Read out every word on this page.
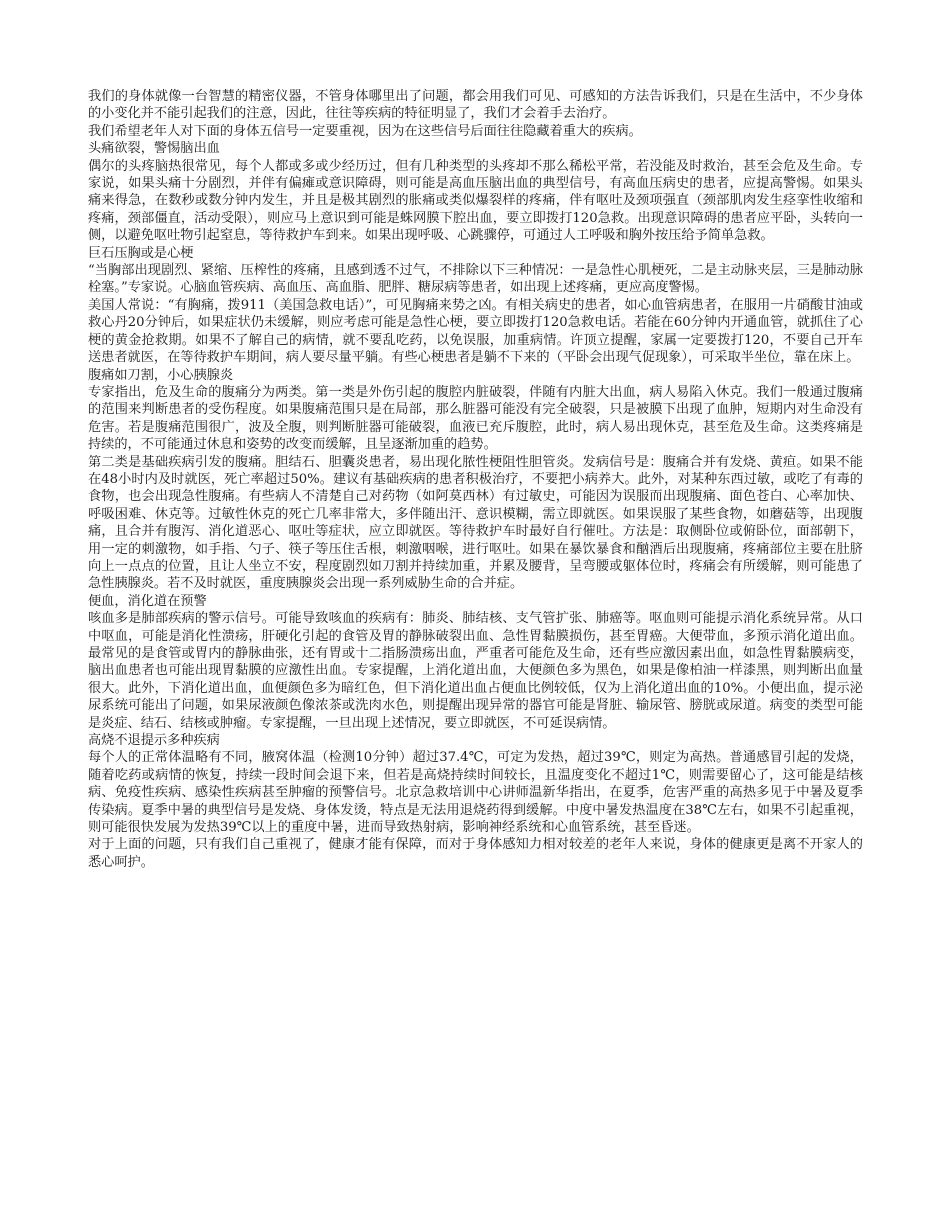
我们的身体就像一台智慧的精密仪器，不管身体哪里出了问题，都会用我们可见、可感知的方法告诉我们，只是在生活中，不少身体的小变化并不能引起我们的注意，因此，往往等疾病的特征明显了，我们才会着手去治疗。

我们希望老年人对下面的身体五信号一定要重视，因为在这些信号后面往往隐藏着重大的疾病。

头痛欲裂，警惕脑出血

偶尔的头疼脑热很常见，每个人都或多或少经历过，但有几种类型的头疼却不那么稀松平常，若没能及时救治，甚至会危及生命。专家说，如果头痛十分剧烈，并伴有偏瘫或意识障碍，则可能是高血压脑出血的典型信号，有高血压病史的患者，应提高警惕。如果头痛来得急，在数秒或数分钟内发生，并且是极其剧烈的胀痛或类似爆裂样的疼痛，伴有呕吐及颈项强直（颈部肌肉发生痉挛性收缩和疼痛，颈部僵直，活动受限），则应马上意识到可能是蛛网膜下腔出血，要立即拨打120急救。出现意识障碍的患者应平卧，头转向一侧，以避免呕吐物引起窒息，等待救护车到来。如果出现呼吸、心跳骤停，可通过人工呼吸和胸外按压给予简单急救。

巨石压胸或是心梗

“当胸部出现剧烈、紧缩、压榨性的疼痛，且感到透不过气，不排除以下三种情况：一是急性心肌梗死，二是主动脉夹层，三是肺动脉栓塞。”专家说。心脑血管疾病、高血压、高血脂、肥胖、糖尿病等患者，如出现上述疼痛，更应高度警惕。

美国人常说：“有胸痛，拨911（美国急救电话）”，可见胸痛来势之凶。有相关病史的患者，如心血管病患者，在服用一片硝酸甘油或救心丹20分钟后，如果症状仍未缓解，则应考虑可能是急性心梗，要立即拨打120急救电话。若能在60分钟内开通血管，就抓住了心梗的黄金抢救期。如果不了解自己的病情，就不要乱吃药，以免误服，加重病情。许顶立提醒，家属一定要拨打120，不要自己开车送患者就医，在等待救护车期间，病人要尽量平躺。有些心梗患者是躺不下来的（平卧会出现气促现象），可采取半坐位，靠在床上。

腹痛如刀割，小心胰腺炎

专家指出，危及生命的腹痛分为两类。第一类是外伤引起的腹腔内脏破裂，伴随有内脏大出血，病人易陷入休克。我们一般通过腹痛的范围来判断患者的受伤程度。如果腹痛范围只是在局部，那么脏器可能没有完全破裂，只是被膜下出现了血肿，短期内对生命没有危害。若是腹痛范围很广，波及全腹，则判断脏器可能破裂，血液已充斥腹腔，此时，病人易出现休克，甚至危及生命。这类疼痛是持续的，不可能通过休息和姿势的改变而缓解，且呈逐渐加重的趋势。

第二类是基础疾病引发的腹痛。胆结石、胆囊炎患者，易出现化脓性梗阻性胆管炎。发病信号是：腹痛合并有发烧、黄疸。如果不能在48小时内及时就医，死亡率超过50%。建议有基础疾病的患者积极治疗，不要把小病养大。此外，对某种东西过敏，或吃了有毒的食物，也会出现急性腹痛。有些病人不清楚自己对药物（如阿莫西林）有过敏史，可能因为误服而出现腹痛、面色苍白、心率加快、呼吸困难、休克等。过敏性休克的死亡几率非常大，多伴随出汗、意识模糊，需立即就医。如果误服了某些食物，如蘑菇等，出现腹痛，且合并有腹泻、消化道恶心、呕吐等症状，应立即就医。等待救护车时最好自行催吐。方法是：取侧卧位或俯卧位，面部朝下，用一定的刺激物，如手指、勺子、筷子等压住舌根，刺激咽喉，进行呕吐。如果在暴饮暴食和酗酒后出现腹痛，疼痛部位主要在肚脐向上一点点的位置，且让人坐立不安，程度剧烈如刀割并持续加重，并累及腰背，呈弯腰或躯体位时，疼痛会有所缓解，则可能患了急性胰腺炎。若不及时就医，重度胰腺炎会出现一系列威胁生命的合并症。

便血，消化道在预警

咳血多是肺部疾病的警示信号。可能导致咳血的疾病有：肺炎、肺结核、支气管扩张、肺癌等。呕血则可能提示消化系统异常。从口中呕血，可能是消化性溃疡，肝硬化引起的食管及胃的静脉破裂出血、急性胃黏膜损伤，甚至胃癌。大便带血，多预示消化道出血。最常见的是食管或胃内的静脉曲张，还有胃或十二指肠溃疡出血，严重者可能危及生命，还有些应激因素出血，如急性胃黏膜病变，脑出血患者也可能出现胃黏膜的应激性出血。专家提醒，上消化道出血，大便颜色多为黑色，如果是像柏油一样漆黑，则判断出血量很大。此外，下消化道出血，血便颜色多为暗红色，但下消化道出血占便血比例较低，仅为上消化道出血的10%。小便出血，提示泌尿系统可能出了问题，如果尿液颜色像浓茶或洗肉水色，则提醒出现异常的器官可能是肾脏、输尿管、膀胱或尿道。病变的类型可能是炎症、结石、结核或肿瘤。专家提醒，一旦出现上述情况，要立即就医，不可延误病情。

高烧不退提示多种疾病

每个人的正常体温略有不同，腋窝体温（检测10分钟）超过37.4℃，可定为发热，超过39℃，则定为高热。普通感冒引起的发烧，随着吃药或病情的恢复，持续一段时间会退下来，但若是高烧持续时间较长，且温度变化不超过1℃，则需要留心了，这可能是结核病、免疫性疾病、感染性疾病甚至肿瘤的预警信号。北京急救培训中心讲师温新华指出，在夏季，危害严重的高热多见于中暑及夏季传染病。夏季中暑的典型信号是发烧、身体发烫，特点是无法用退烧药得到缓解。中度中暑发热温度在38℃左右，如果不引起重视，则可能很快发展为发热39℃以上的重度中暑，进而导致热射病，影响神经系统和心血管系统，甚至昏迷。

对于上面的问题，只有我们自己重视了，健康才能有保障，而对于身体感知力相对较差的老年人来说，身体的健康更是离不开家人的悉心呵护。
